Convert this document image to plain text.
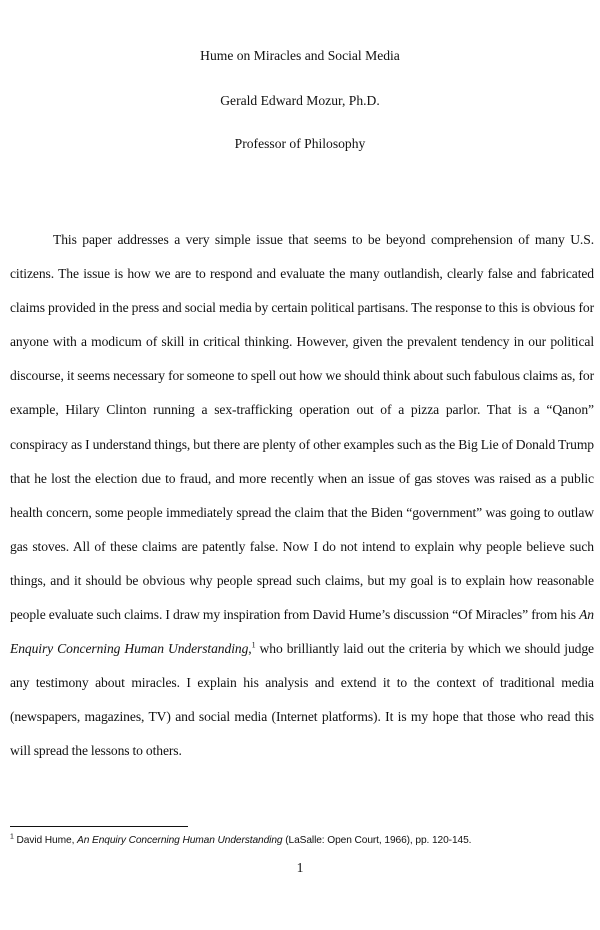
Hume on Miracles and Social Media

Gerald Edward Mozur, Ph.D.

Professor of Philosophy

This paper addresses a very simple issue that seems to be beyond comprehension of many U.S. citizens. The issue is how we are to respond and evaluate the many outlandish, clearly false and fabricated claims provided in the press and social media by certain political partisans. The response to this is obvious for anyone with a modicum of skill in critical thinking. However, given the prevalent tendency in our political discourse, it seems necessary for someone to spell out how we should think about such fabulous claims as, for example, Hilary Clinton running a sex-trafficking operation out of a pizza parlor. That is a “Qanon” conspiracy as I understand things, but there are plenty of other examples such as the Big Lie of Donald Trump that he lost the election due to fraud, and more recently when an issue of gas stoves was raised as a public health concern, some people immediately spread the claim that the Biden “government” was going to outlaw gas stoves. All of these claims are patently false. Now I do not intend to explain why people believe such things, and it should be obvious why people spread such claims, but my goal is to explain how reasonable people evaluate such claims. I draw my inspiration from David Hume’s discussion “Of Miracles” from his An Enquiry Concerning Human Understanding,$^1$ who brilliantly laid out the criteria by which we should judge any testimony about miracles. I explain his analysis and extend it to the context of traditional media (newspapers, magazines, TV) and social media (Internet platforms). It is my hope that those who read this will spread the lessons to others.

$^1$ David Hume, An Enquiry Concerning Human Understanding (LaSalle: Open Court, 1966), pp. 120-145.

1
